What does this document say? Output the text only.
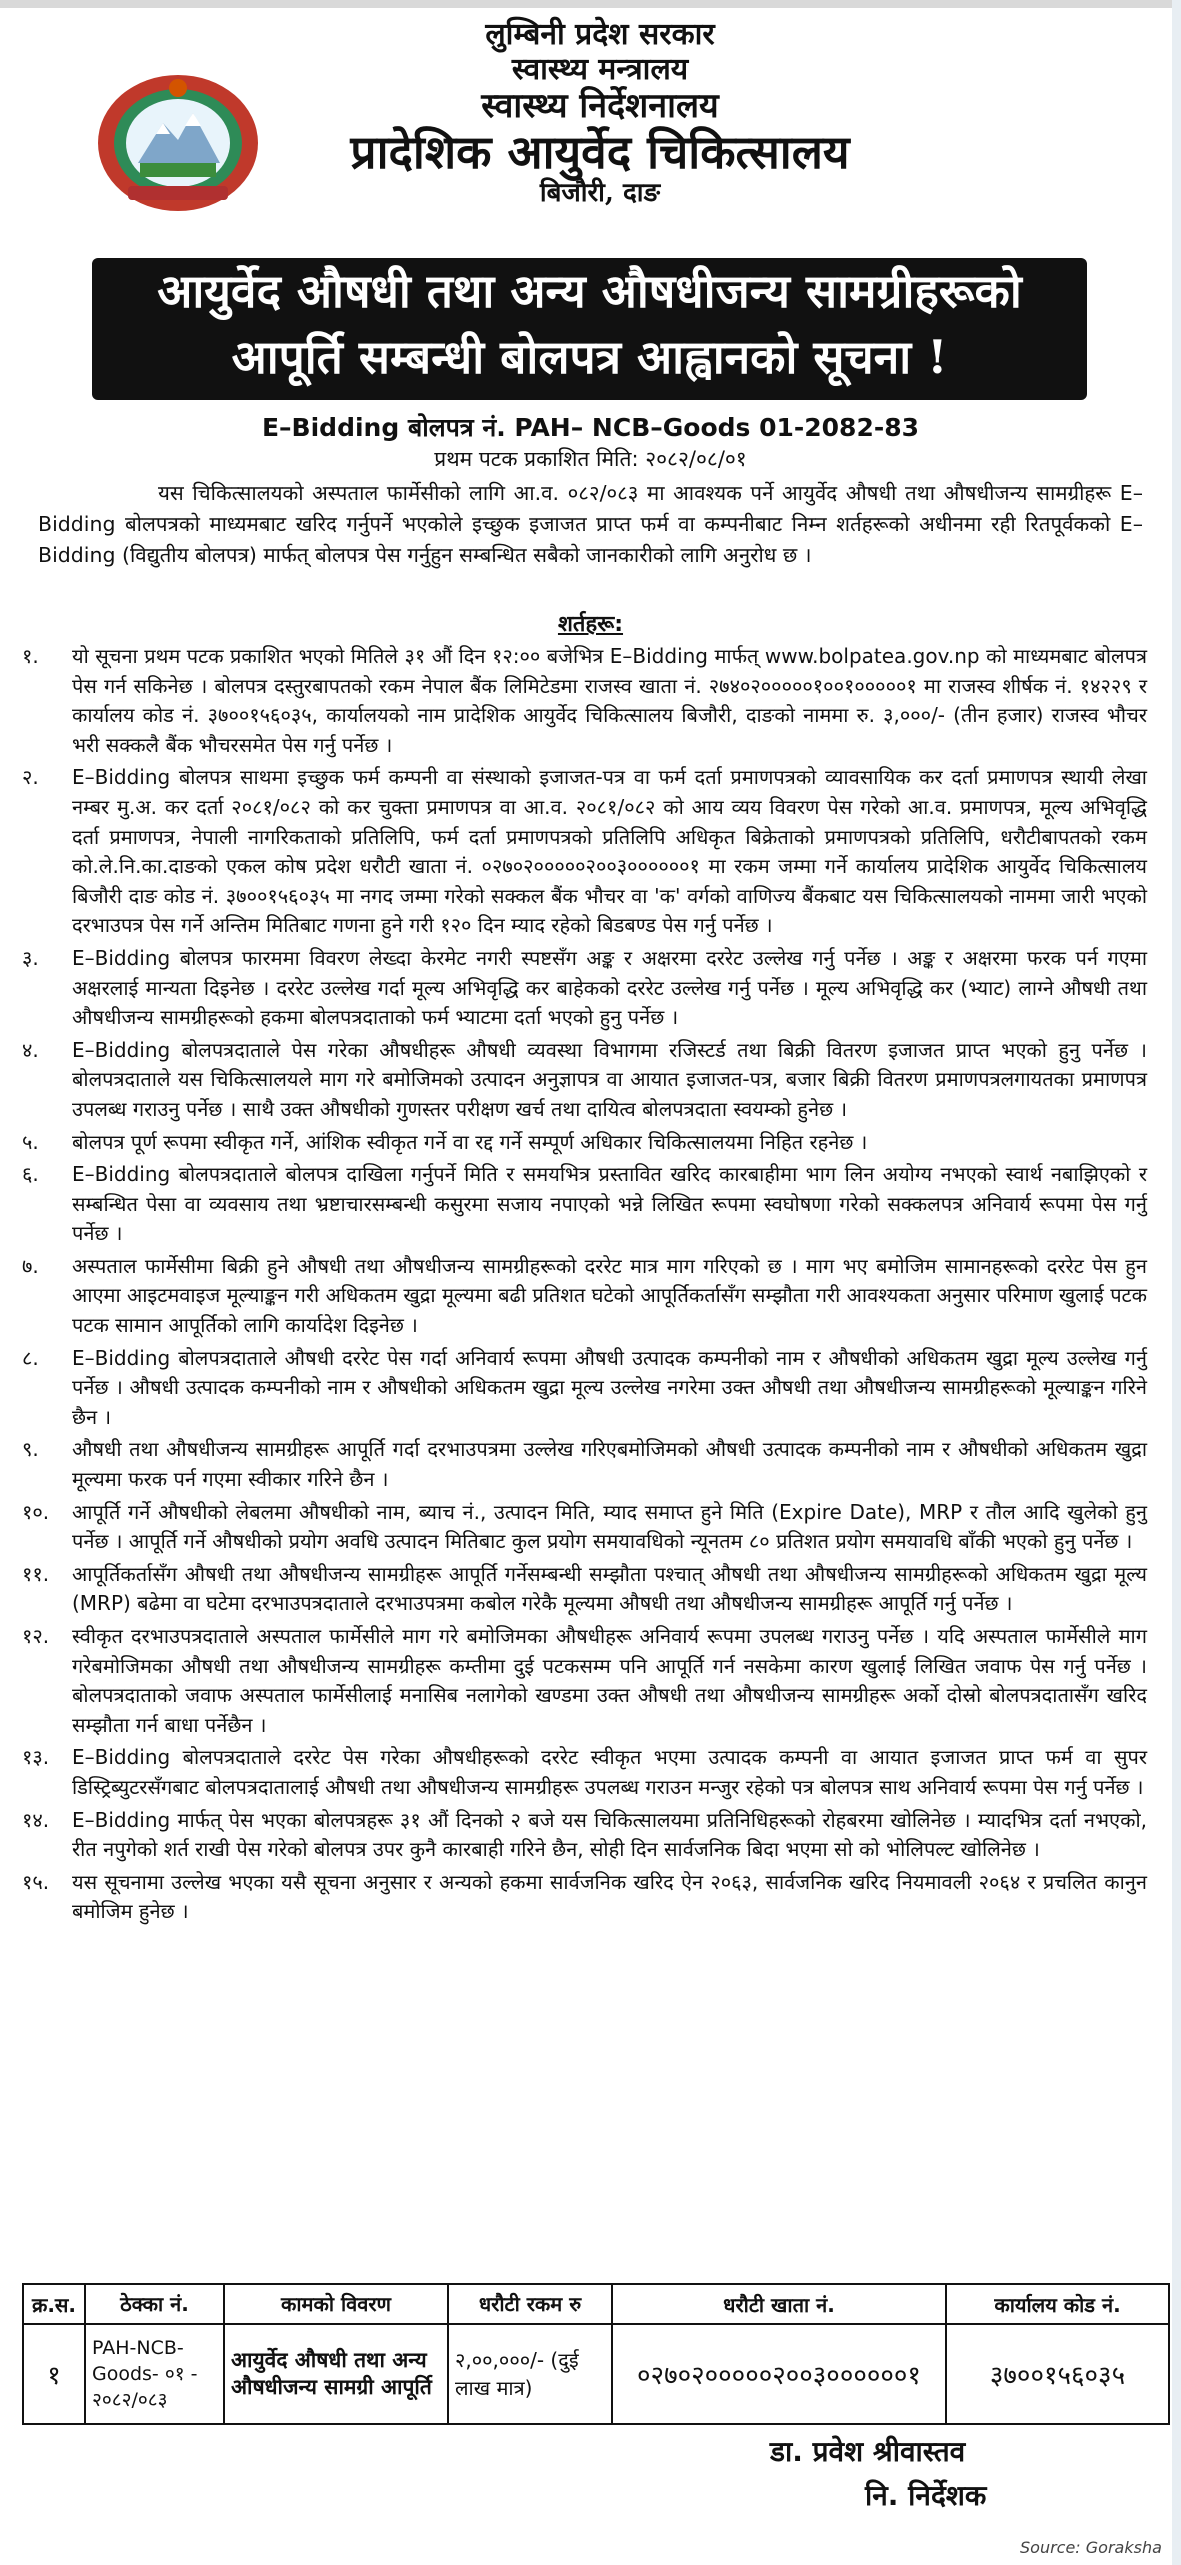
लुम्बिनी प्रदेश सरकार
स्वास्थ्य मन्त्रालय
स्वास्थ्य निर्देशनालय
प्रादेशिक आयुर्वेद चिकित्सालय
बिजौरी, दाङ
आयुर्वेद औषधी तथा अन्य औषधीजन्य सामग्रीहरूको
आपूर्ति सम्बन्धी बोलपत्र आह्वानको सूचना !
E–Bidding बोलपत्र नं. PAH– NCB–Goods 01-2082-83
प्रथम पटक प्रकाशित मिति: २०८२/०८/०१

यस चिकित्सालयको अस्पताल फार्मेसीको लागि आ.व. ०८२/०८३ मा आवश्यक पर्ने आयुर्वेद औषधी तथा औषधीजन्य सामग्रीहरू E–Bidding बोलपत्रको माध्यमबाट खरिद गर्नुपर्ने भएकोले इच्छुक इजाजत प्राप्त फर्म वा कम्पनीबाट निम्न शर्तहरूको अधीनमा रही रितपूर्वकको E–Bidding (विद्युतीय बोलपत्र) मार्फत् बोलपत्र पेस गर्नुहुन सम्बन्धित सबैको जानकारीको लागि अनुरोध छ ।

शर्तहरू:
१.	यो सूचना प्रथम पटक प्रकाशित भएको मितिले ३१ औं दिन १२:०० बजेभित्र E–Bidding मार्फत् www.bolpatea.gov.np को माध्यमबाट बोलपत्र पेस गर्न सकिनेछ । बोलपत्र दस्तुरबापतको रकम नेपाल बैंक लिमिटेडमा राजस्व खाता नं. २७४०२०००००१००१०००००१ मा राजस्व शीर्षक नं. १४२२९ र कार्यालय कोड नं. ३७००१५६०३५, कार्यालयको नाम प्रादेशिक आयुर्वेद चिकित्सालय बिजौरी, दाङको नाममा रु. ३,०००/- (तीन हजार) राजस्व भौचर भरी सक्कलै बैंक भौचरसमेत पेस गर्नु पर्नेछ ।
२.	E–Bidding बोलपत्र साथमा इच्छुक फर्म कम्पनी वा संस्थाको इजाजत-पत्र वा फर्म दर्ता प्रमाणपत्रको व्यावसायिक कर दर्ता प्रमाणपत्र स्थायी लेखा नम्बर मु.अ. कर दर्ता २०८१/०८२ को कर चुक्ता प्रमाणपत्र वा आ.व. २०८१/०८२ को आय व्यय विवरण पेस गरेको आ.व. प्रमाणपत्र, मूल्य अभिवृद्धि दर्ता प्रमाणपत्र, नेपाली नागरिकताको प्रतिलिपि, फर्म दर्ता प्रमाणपत्रको प्रतिलिपि अधिकृत बिक्रेताको प्रमाणपत्रको प्रतिलिपि, धरौटीबापतको रकम को.ले.नि.का.दाङको एकल कोष प्रदेश धरौटी खाता नं. ०२७०२०००००२००३००००००१ मा रकम जम्मा गर्ने कार्यालय प्रादेशिक आयुर्वेद चिकित्सालय बिजौरी दाङ कोड नं. ३७००१५६०३५ मा नगद जम्मा गरेको सक्कल बैंक भौचर वा 'क' वर्गको वाणिज्य बैंकबाट यस चिकित्सालयको नाममा जारी भएको दरभाउपत्र पेस गर्ने अन्तिम मितिबाट गणना हुने गरी १२० दिन म्याद रहेको बिडबण्ड पेस गर्नु पर्नेछ ।
३.	E–Bidding बोलपत्र फारममा विवरण लेख्दा केरमेट नगरी स्पष्टसँग अङ्क र अक्षरमा दररेट उल्लेख गर्नु पर्नेछ । अङ्क र अक्षरमा फरक पर्न गएमा अक्षरलाई मान्यता दिइनेछ । दररेट उल्लेख गर्दा मूल्य अभिवृद्धि कर बाहेकको दररेट उल्लेख गर्नु पर्नेछ । मूल्य अभिवृद्धि कर (भ्याट) लाग्ने औषधी तथा औषधीजन्य सामग्रीहरूको हकमा बोलपत्रदाताको फर्म भ्याटमा दर्ता भएको हुनु पर्नेछ ।
४.	E–Bidding बोलपत्रदाताले पेस गरेका औषधीहरू औषधी व्यवस्था विभागमा रजिस्टर्ड तथा बिक्री वितरण इजाजत प्राप्त भएको हुनु पर्नेछ । बोलपत्रदाताले यस चिकित्सालयले माग गरे बमोजिमको उत्पादन अनुज्ञापत्र वा आयात इजाजत-पत्र, बजार बिक्री वितरण प्रमाणपत्रलगायतका प्रमाणपत्र उपलब्ध गराउनु पर्नेछ । साथै उक्त औषधीको गुणस्तर परीक्षण खर्च तथा दायित्व बोलपत्रदाता स्वयम्को हुनेछ ।
५.	बोलपत्र पूर्ण रूपमा स्वीकृत गर्ने, आंशिक स्वीकृत गर्ने वा रद्द गर्ने सम्पूर्ण अधिकार चिकित्सालयमा निहित रहनेछ ।
६.	E–Bidding बोलपत्रदाताले बोलपत्र दाखिला गर्नुपर्ने मिति र समयभित्र प्रस्तावित खरिद कारबाहीमा भाग लिन अयोग्य नभएको स्वार्थ नबाझिएको र सम्बन्धित पेसा वा व्यवसाय तथा भ्रष्टाचारसम्बन्धी कसुरमा सजाय नपाएको भन्ने लिखित रूपमा स्वघोषणा गरेको सक्कलपत्र अनिवार्य रूपमा पेस गर्नु पर्नेछ ।
७.	अस्पताल फार्मेसीमा बिक्री हुने औषधी तथा औषधीजन्य सामग्रीहरूको दररेट मात्र माग गरिएको छ । माग भए बमोजिम सामानहरूको दररेट पेस हुन आएमा आइटमवाइज मूल्याङ्कन गरी अधिकतम खुद्रा मूल्यमा बढी प्रतिशत घटेको आपूर्तिकर्तासँग सम्झौता गरी आवश्यकता अनुसार परिमाण खुलाई पटक पटक सामान आपूर्तिको लागि कार्यादेश दिइनेछ ।
८.	E–Bidding बोलपत्रदाताले औषधी दररेट पेस गर्दा अनिवार्य रूपमा औषधी उत्पादक कम्पनीको नाम र औषधीको अधिकतम खुद्रा मूल्य उल्लेख गर्नु पर्नेछ । औषधी उत्पादक कम्पनीको नाम र औषधीको अधिकतम खुद्रा मूल्य उल्लेख नगरेमा उक्त औषधी तथा औषधीजन्य सामग्रीहरूको मूल्याङ्कन गरिने छैन ।
९.	औषधी तथा औषधीजन्य सामग्रीहरू आपूर्ति गर्दा दरभाउपत्रमा उल्लेख गरिएबमोजिमको औषधी उत्पादक कम्पनीको नाम र औषधीको अधिकतम खुद्रा मूल्यमा फरक पर्न गएमा स्वीकार गरिने छैन ।
१०.	आपूर्ति गर्ने औषधीको लेबलमा औषधीको नाम, ब्याच नं., उत्पादन मिति, म्याद समाप्त हुने मिति (Expire Date), MRP र तौल आदि खुलेको हुनु पर्नेछ । आपूर्ति गर्ने औषधीको प्रयोग अवधि उत्पादन मितिबाट कुल प्रयोग समयावधिको न्यूनतम ८० प्रतिशत प्रयोग समयावधि बाँकी भएको हुनु पर्नेछ ।
११.	आपूर्तिकर्तासँग औषधी तथा औषधीजन्य सामग्रीहरू आपूर्ति गर्नेसम्बन्धी सम्झौता पश्चात् औषधी तथा औषधीजन्य सामग्रीहरूको अधिकतम खुद्रा मूल्य (MRP) बढेमा वा घटेमा दरभाउपत्रदाताले दरभाउपत्रमा कबोल गरेकै मूल्यमा औषधी तथा औषधीजन्य सामग्रीहरू आपूर्ति गर्नु पर्नेछ ।
१२.	स्वीकृत दरभाउपत्रदाताले अस्पताल फार्मेसीले माग गरे बमोजिमका औषधीहरू अनिवार्य रूपमा उपलब्ध गराउनु पर्नेछ । यदि अस्पताल फार्मेसीले माग गरेबमोजिमका औषधी तथा औषधीजन्य सामग्रीहरू कम्तीमा दुई पटकसम्म पनि आपूर्ति गर्न नसकेमा कारण खुलाई लिखित जवाफ पेस गर्नु पर्नेछ । बोलपत्रदाताको जवाफ अस्पताल फार्मेसीलाई मनासिब नलागेको खण्डमा उक्त औषधी तथा औषधीजन्य सामग्रीहरू अर्को दोस्रो बोलपत्रदातासँग खरिद सम्झौता गर्न बाधा पर्नेछैन ।
१३.	E–Bidding बोलपत्रदाताले दररेट पेस गरेका औषधीहरूको दररेट स्वीकृत भएमा उत्पादक कम्पनी वा आयात इजाजत प्राप्त फर्म वा सुपर डिस्ट्रिब्युटरसँगबाट बोलपत्रदातालाई औषधी तथा औषधीजन्य सामग्रीहरू उपलब्ध गराउन मन्जुर रहेको पत्र बोलपत्र साथ अनिवार्य रूपमा पेस गर्नु पर्नेछ ।
१४.	E–Bidding मार्फत् पेस भएका बोलपत्रहरू ३१ औं दिनको २ बजे यस चिकित्सालयमा प्रतिनिधिहरूको रोहबरमा खोलिनेछ । म्यादभित्र दर्ता नभएको, रीत नपुगेको शर्त राखी पेस गरेको बोलपत्र उपर कुनै कारबाही गरिने छैन, सोही दिन सार्वजनिक बिदा भएमा सो को भोलिपल्ट खोलिनेछ ।
१५.	यस सूचनामा उल्लेख भएका यसै सूचना अनुसार र अन्यको हकमा सार्वजनिक खरिद ऐन २०६३, सार्वजनिक खरिद नियमावली २०६४ र प्रचलित कानुन बमोजिम हुनेछ ।
क्र.स.	ठेक्का नं.	कामको विवरण	धरौटी रकम रु	धरौटी खाता नं.	कार्यालय कोड नं.
१	PAH-NCB-Goods- ०१ - २०८२/०८३	आयुर्वेद औषधी तथा अन्य औषधीजन्य सामग्री आपूर्ति	२,००,०००/- (दुई लाख मात्र)	०२७०२०००००२००३००००००१	३७००१५६०३५
डा. प्रवेश श्रीवास्तव
नि. निर्देशक
Source: Goraksha
